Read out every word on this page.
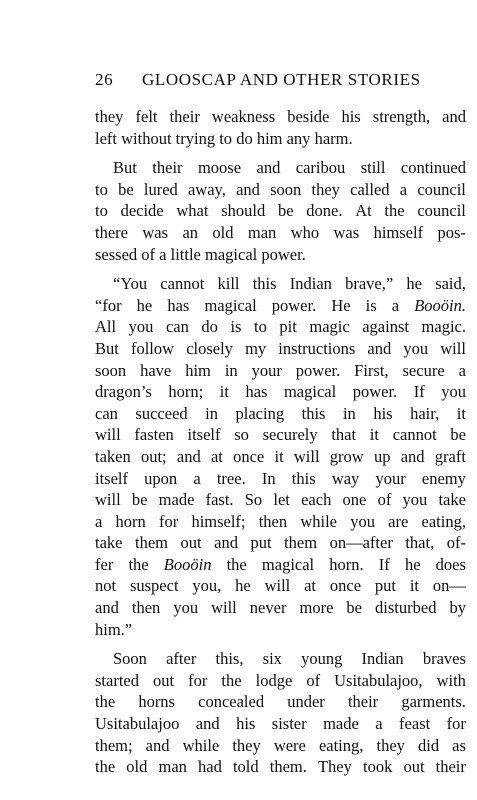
26 GLOOSCAP AND OTHER STORIES
they felt their weakness beside his strength, and
left
without
trying
to
do
him
any
harm.
But their moose and caribou still continued
to be lured away, and soon they called a council
to decide what should be done. At the council
there was an old man who was himself pos-
sessed
of
a
little
magical
power.
“You cannot kill this Indian brave,” he said,
“for he has magical power. He is a Booöin.
All you can do is to pit magic against magic.
But follow closely my instructions and you will
soon have him in your power. First, secure a
dragon’s horn; it has magical power. If you
can succeed in placing this in his hair, it
will fasten itself so securely that it cannot be
taken out; and at once it will grow up and graft
itself upon a tree. In this way your enemy
will be made fast. So let each one of you take
a horn for himself; then while you are eating,
take them out and put them on—after that, of-
fer the Booöin the magical horn. If he does
not suspect you, he will at once put it on—
and then you will never more be disturbed by
him.”
Soon after this, six young Indian braves
started out for the lodge of Usitabulajoo, with
the horns concealed under their garments.
Usitabulajoo and his sister made a feast for
them; and while they were eating, they did as
the old man had told them. They took out their
